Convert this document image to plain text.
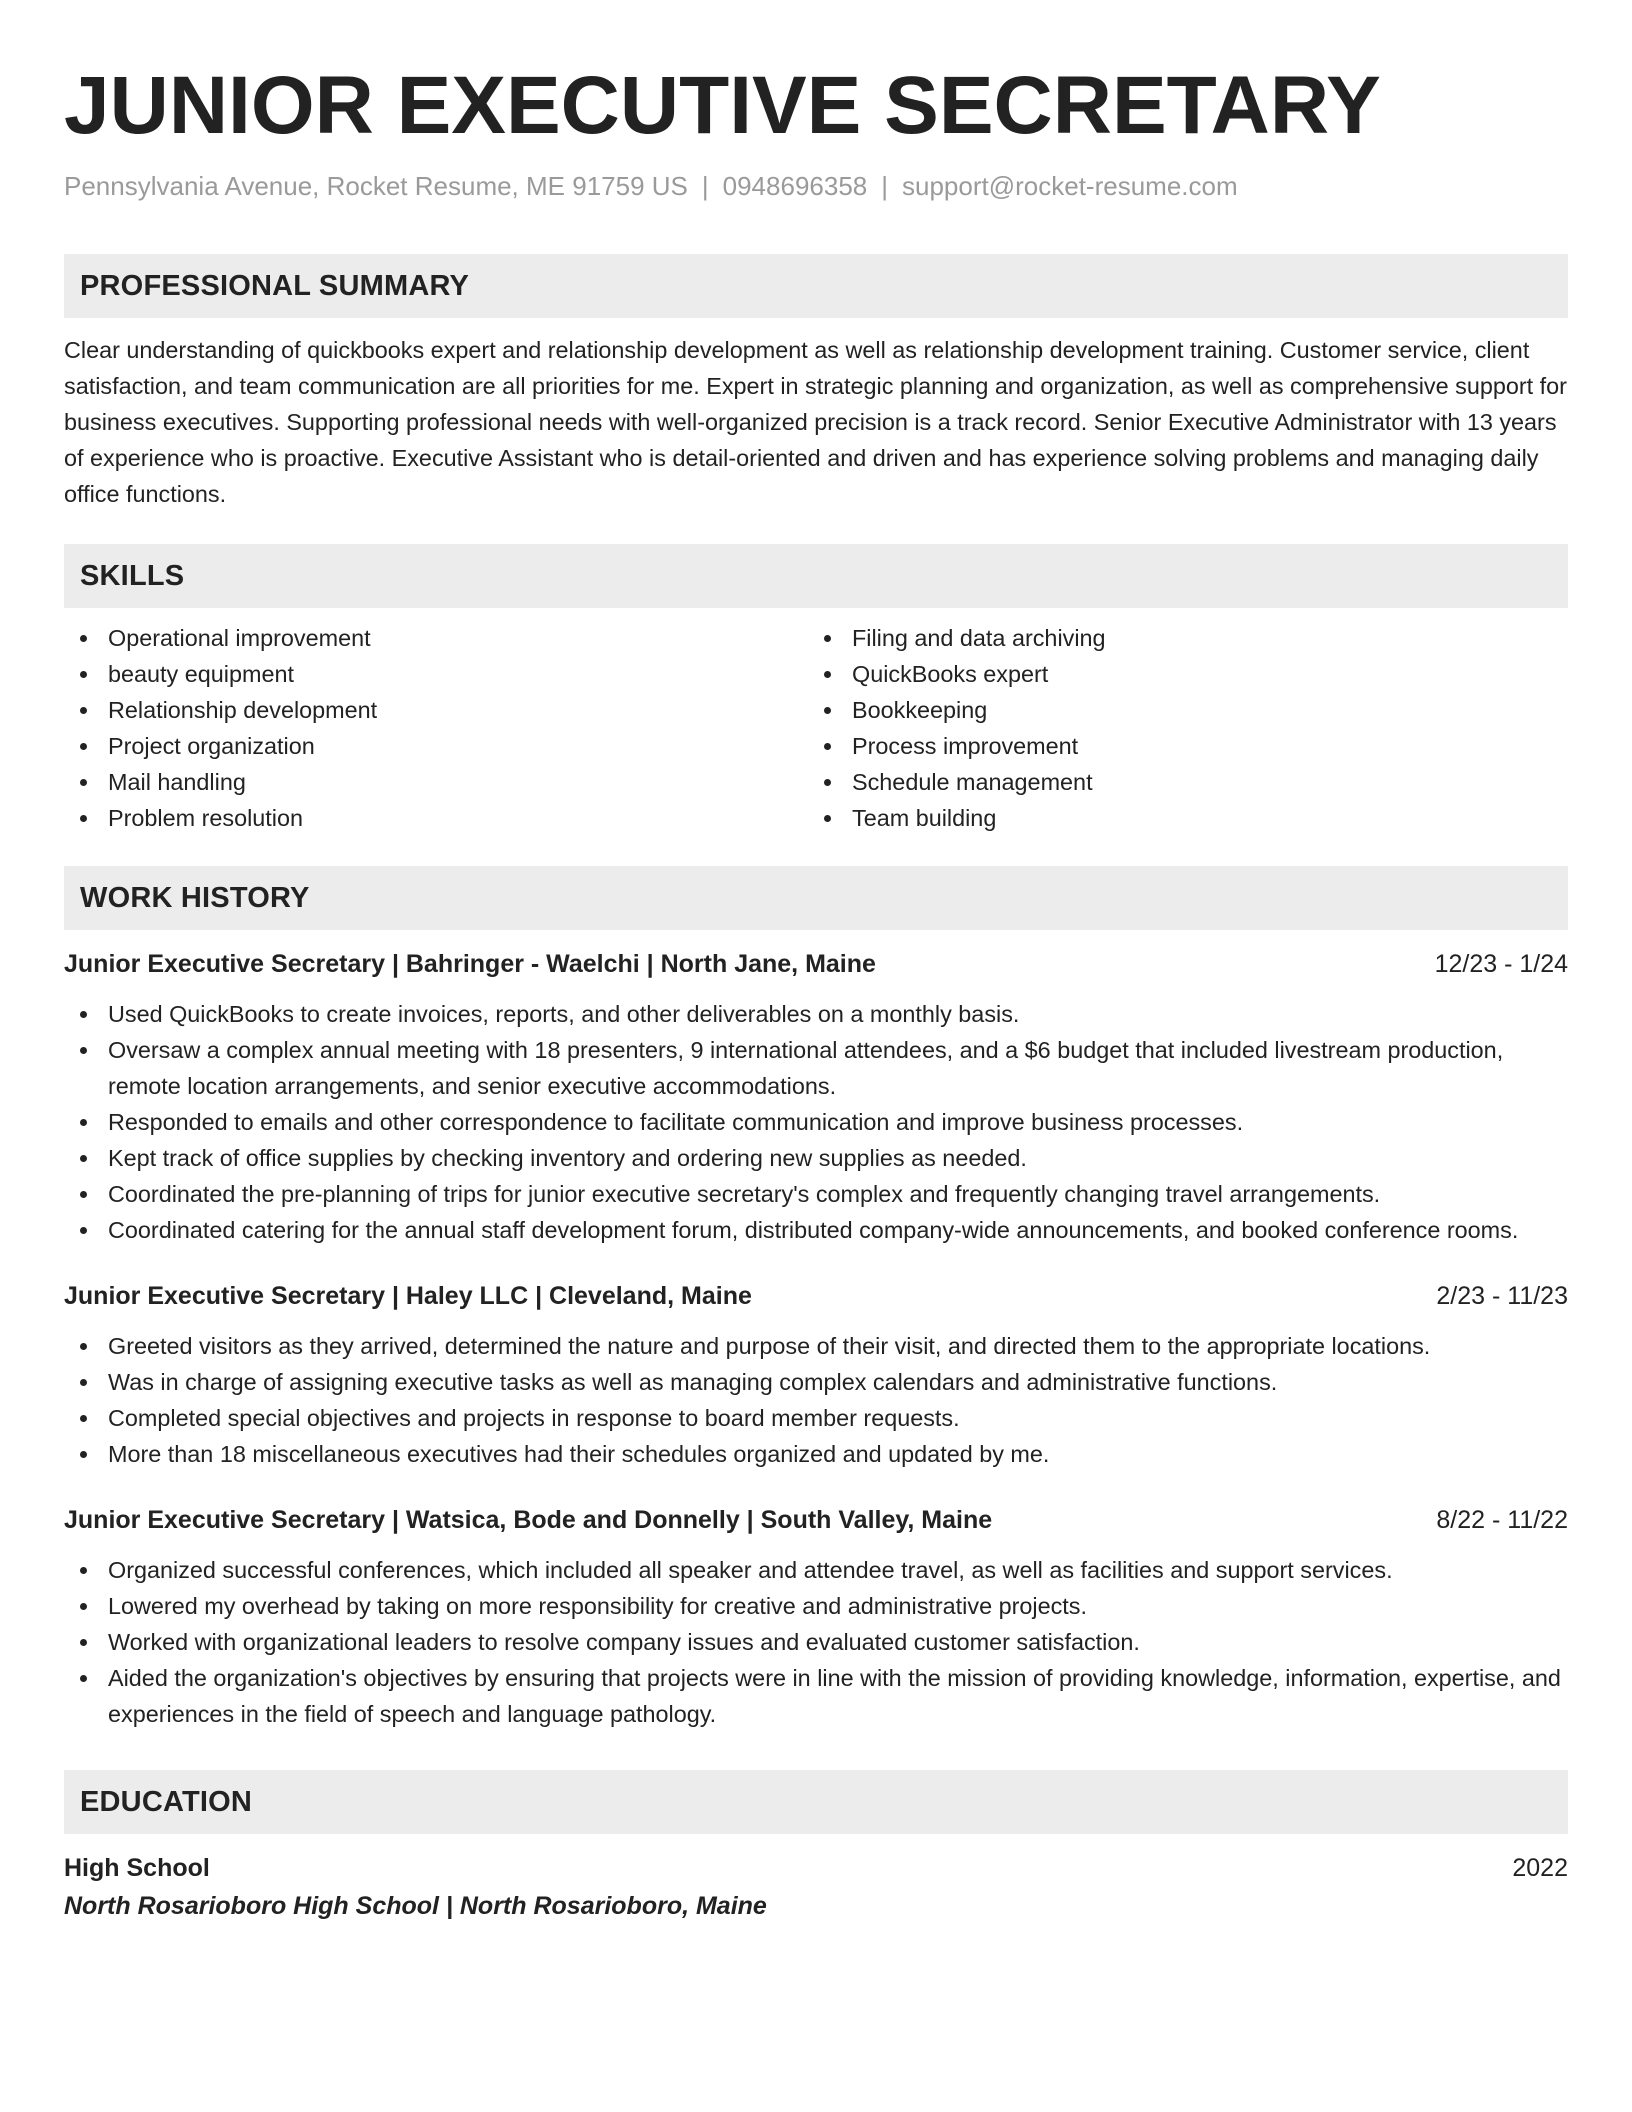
JUNIOR EXECUTIVE SECRETARY
Pennsylvania Avenue, Rocket Resume, ME 91759 US | 0948696358 | support@rocket-resume.com
PROFESSIONAL SUMMARY
Clear understanding of quickbooks expert and relationship development as well as relationship development training. Customer service, client satisfaction, and team communication are all priorities for me. Expert in strategic planning and organization, as well as comprehensive support for business executives. Supporting professional needs with well-organized precision is a track record. Senior Executive Administrator with 13 years of experience who is proactive. Executive Assistant who is detail-oriented and driven and has experience solving problems and managing daily office functions.
SKILLS
Operational improvement
beauty equipment
Relationship development
Project organization
Mail handling
Problem resolution
Filing and data archiving
QuickBooks expert
Bookkeeping
Process improvement
Schedule management
Team building
WORK HISTORY
Junior Executive Secretary | Bahringer - Waelchi | North Jane, Maine	12/23 - 1/24
Used QuickBooks to create invoices, reports, and other deliverables on a monthly basis.
Oversaw a complex annual meeting with 18 presenters, 9 international attendees, and a $6 budget that included livestream production, remote location arrangements, and senior executive accommodations.
Responded to emails and other correspondence to facilitate communication and improve business processes.
Kept track of office supplies by checking inventory and ordering new supplies as needed.
Coordinated the pre-planning of trips for junior executive secretary's complex and frequently changing travel arrangements.
Coordinated catering for the annual staff development forum, distributed company-wide announcements, and booked conference rooms.
Junior Executive Secretary | Haley LLC | Cleveland, Maine	2/23 - 11/23
Greeted visitors as they arrived, determined the nature and purpose of their visit, and directed them to the appropriate locations.
Was in charge of assigning executive tasks as well as managing complex calendars and administrative functions.
Completed special objectives and projects in response to board member requests.
More than 18 miscellaneous executives had their schedules organized and updated by me.
Junior Executive Secretary | Watsica, Bode and Donnelly | South Valley, Maine	8/22 - 11/22
Organized successful conferences, which included all speaker and attendee travel, as well as facilities and support services.
Lowered my overhead by taking on more responsibility for creative and administrative projects.
Worked with organizational leaders to resolve company issues and evaluated customer satisfaction.
Aided the organization's objectives by ensuring that projects were in line with the mission of providing knowledge, information, expertise, and experiences in the field of speech and language pathology.
EDUCATION
High School	2022
North Rosarioboro High School | North Rosarioboro, Maine
